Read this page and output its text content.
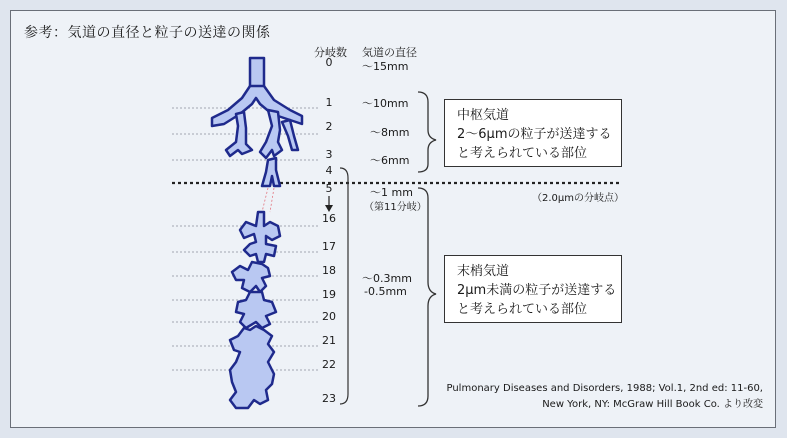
参考：気道の直径と粒子の送達の関係
分岐数 気道の直径
0
1
2
3
4
5
16
17
18
19
20
21
22
23
〜15mm
〜10mm
〜8mm
〜6mm
〜1 mm
（第11分岐）
〜0.3mm
-0.5mm
（2.0μmの分岐点）
中枢気道
2〜6μmの粒子が送達する
と考えられている部位
末梢気道
2μm未満の粒子が送達する
と考えられている部位
Pulmonary Diseases and Disorders, 1988; Vol.1, 2nd ed: 11-60,
New York, NY: McGraw Hill Book Co. より改変
